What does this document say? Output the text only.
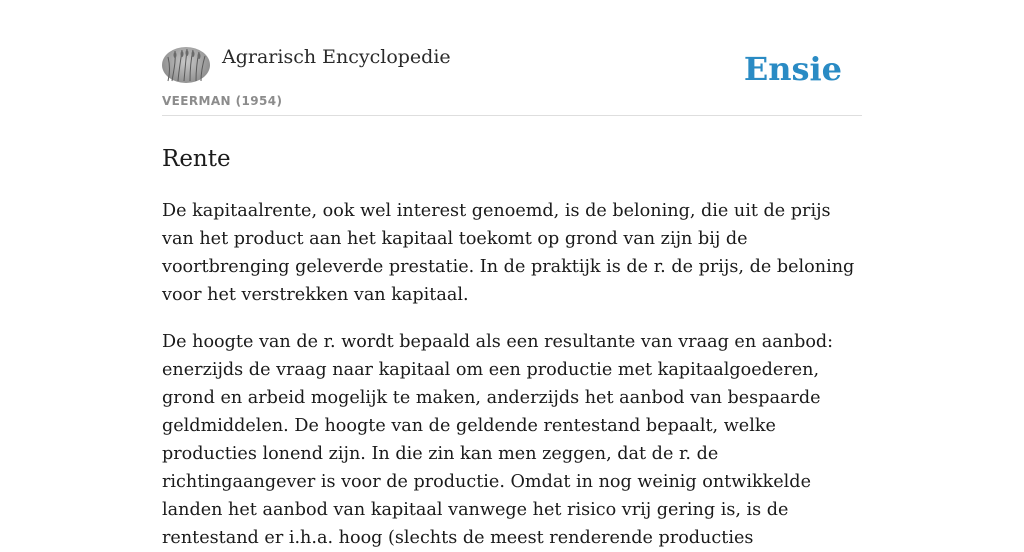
Agrarisch Encyclopedie
VEERMAN (1954)
Ensie
Rente

De kapitaalrente, ook wel interest genoemd, is de beloning, die uit de prijs van het product aan het kapitaal toekomt op grond van zijn bij de voortbrenging geleverde prestatie. In de praktijk is de r. de prijs, de beloning voor het verstrekken van kapitaal.

De hoogte van de r. wordt bepaald als een resultante van vraag en aanbod: enerzijds de vraag naar kapitaal om een productie met kapitaalgoederen, grond en arbeid mogelijk te maken, anderzijds het aanbod van bespaarde geldmiddelen. De hoogte van de geldende rentestand bepaalt, welke producties lonend zijn. In die zin kan men zeggen, dat de r. de richtingaangever is voor de productie. Omdat in nog weinig ontwikkelde landen het aanbod van kapitaal vanwege het risico vrij gering is, is de rentestand er i.h.a. hoog (slechts de meest renderende producties
